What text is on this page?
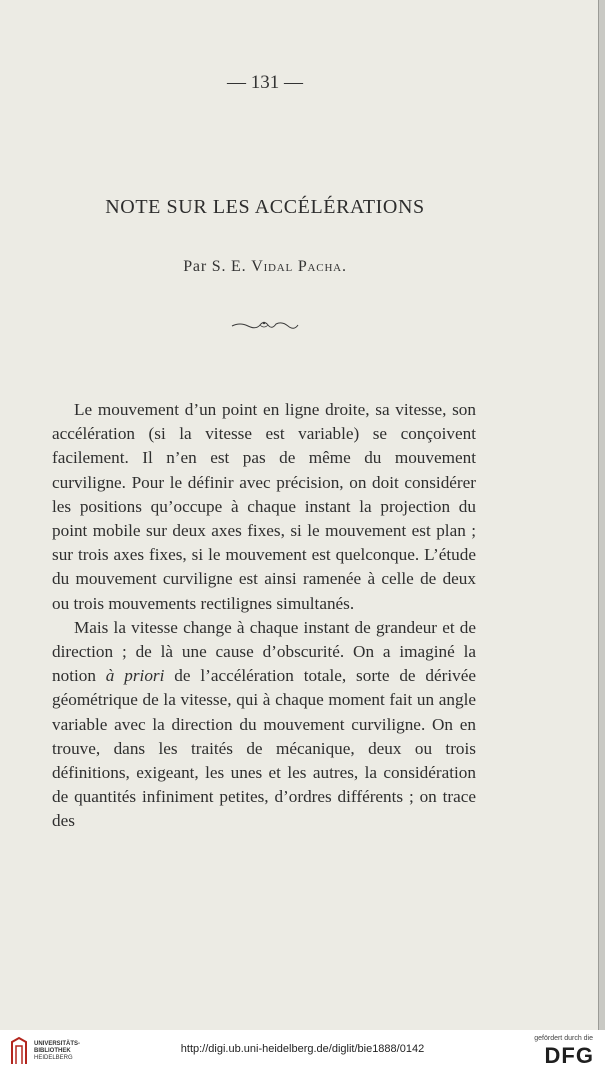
— 131 —
NOTE SUR LES ACCÉLÉRATIONS
Par S. E. Vidal Pacha.

Le mouvement d’un point en ligne droite, sa vitesse, son accélération (si la vitesse est variable) se conçoivent facilement. Il n’en est pas de même du mouvement curviligne. Pour le définir avec précision, on doit considérer les positions qu’occupe à chaque instant la projection du point mobile sur deux axes fixes, si le mouvement est plan ; sur trois axes fixes, si le mouvement est quelconque. L’étude du mouvement curviligne est ainsi ramenée à celle de deux ou trois mouvements rectilignes simultanés.

Mais la vitesse change à chaque instant de grandeur et de direction ; de là une cause d’obscurité. On a imaginé la notion à priori de l’accélération totale, sorte de dérivée géométrique de la vitesse, qui à chaque moment fait un angle variable avec la direction du mouvement curviligne. On en trouve, dans les traités de mécanique, deux ou trois définitions, exigeant, les unes et les autres, la considération de quantités infiniment petites, d’ordres différents ; on trace des

UNIVERSITÄTS-
BIBLIOTHEK
HEIDELBERG
http://digi.ub.uni-heidelberg.de/diglit/bie1888/0142
gefördert durch die
DFG
